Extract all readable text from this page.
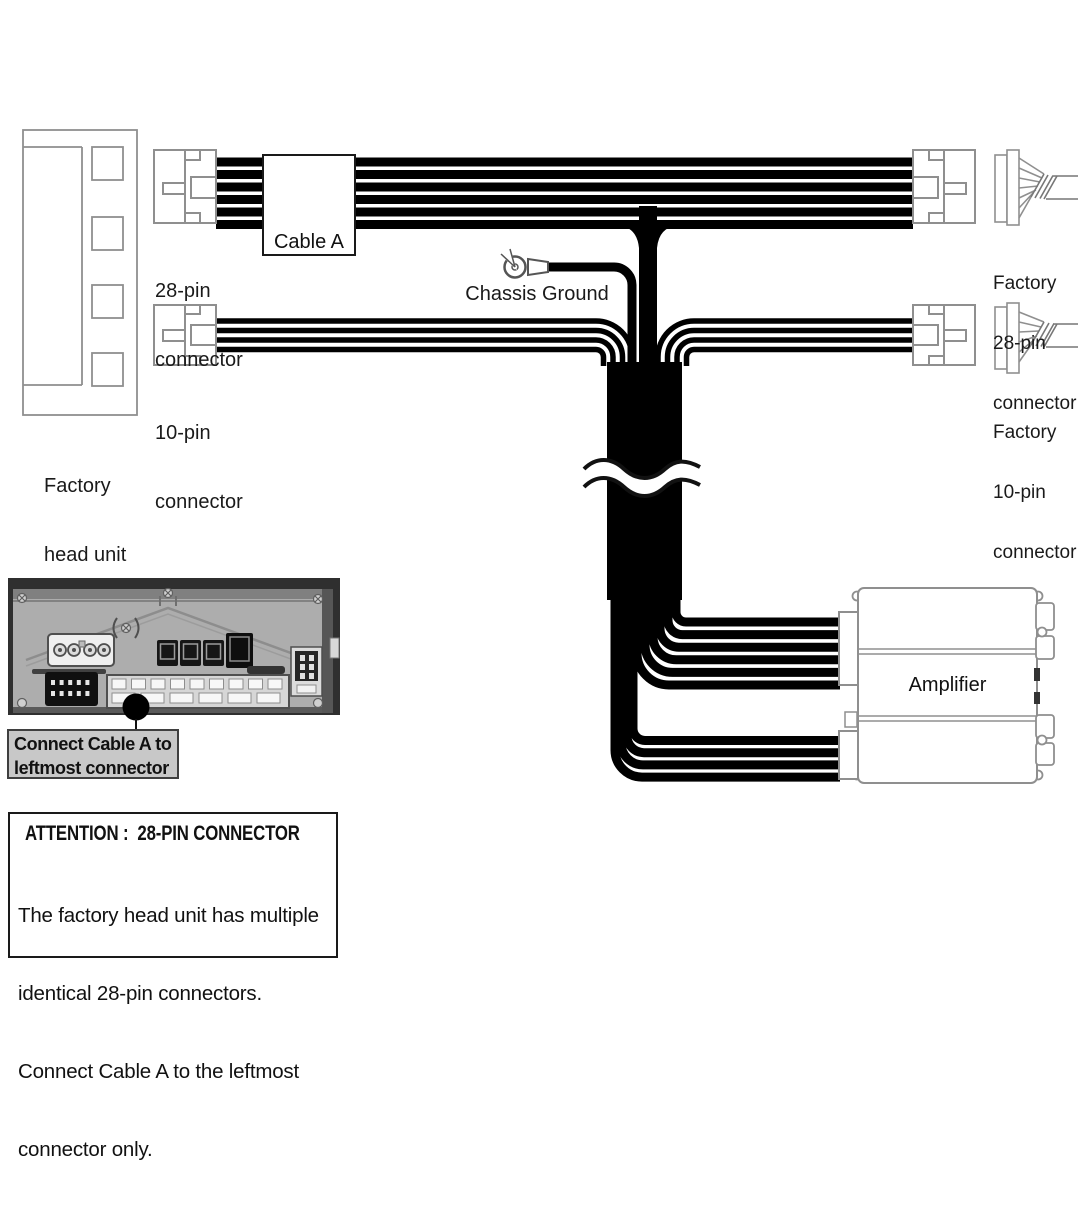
28-pin

connector

10-pin

connector

Factory

head unit

Cable A
Chassis Ground

	Factory

28-pin

connector

Factory

10-pin

connector

Amplifier
Connect Cable A to
leftmost connector
ATTENTION :  28-PIN CONNECTOR

The factory head unit has multiple

identical 28-pin connectors.

Connect Cable A to the leftmost

connector only.
